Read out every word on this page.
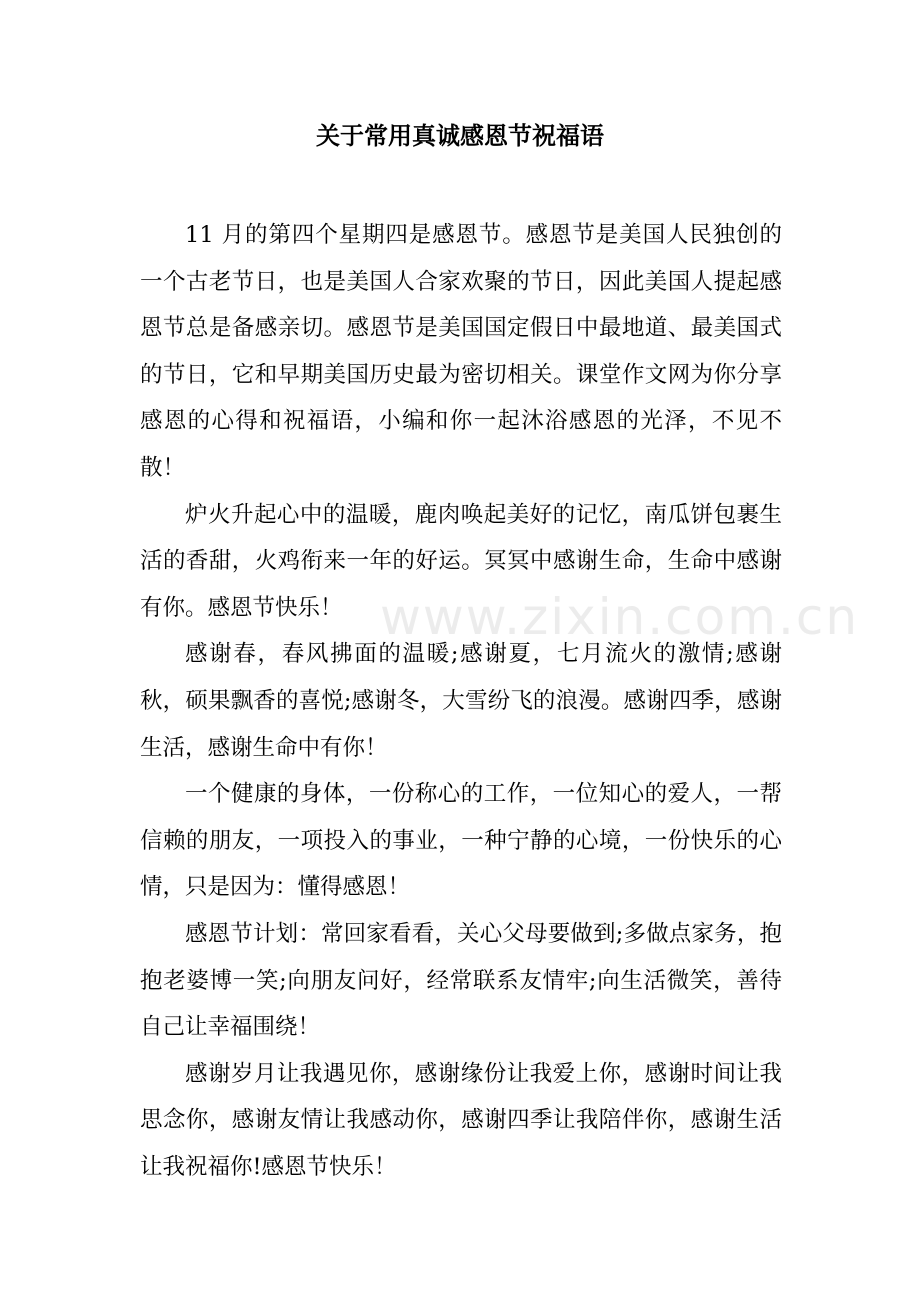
www.zixin.com.cn
关于常用真诚感恩节祝福语

11 月的第四个星期四是感恩节。感恩节是美国人民独创的一个古老节日，也是美国人合家欢聚的节日，因此美国人提起感恩节总是备感亲切。感恩节是美国国定假日中最地道、最美国式的节日，它和早期美国历史最为密切相关。课堂作文网为你分享感恩的心得和祝福语，小编和你一起沐浴感恩的光泽，不见不散！

炉火升起心中的温暖，鹿肉唤起美好的记忆，南瓜饼包裹生活的香甜，火鸡衔来一年的好运。冥冥中感谢生命，生命中感谢有你。感恩节快乐！

感谢春，春风拂面的温暖;感谢夏，七月流火的激情;感谢秋，硕果飘香的喜悦;感谢冬，大雪纷飞的浪漫。感谢四季，感谢生活，感谢生命中有你！

一个健康的身体，一份称心的工作，一位知心的爱人，一帮信赖的朋友，一项投入的事业，一种宁静的心境，一份快乐的心情，只是因为：懂得感恩！

感恩节计划：常回家看看，关心父母要做到;多做点家务，抱抱老婆博一笑;向朋友问好，经常联系友情牢;向生活微笑，善待自己让幸福围绕！

感谢岁月让我遇见你，感谢缘份让我爱上你，感谢时间让我思念你，感谢友情让我感动你，感谢四季让我陪伴你，感谢生活让我祝福你!感恩节快乐！
